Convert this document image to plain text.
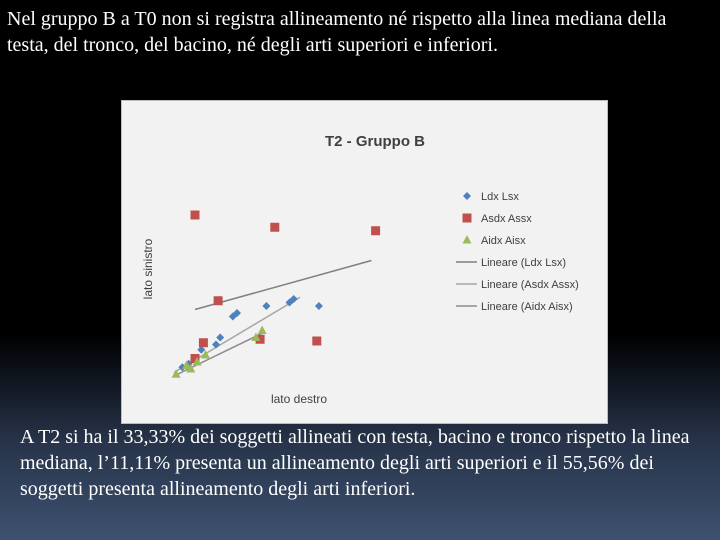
Nel gruppo B a T0 non si registra allineamento né rispetto alla linea mediana della testa, del tronco, del bacino, né degli arti superiori e inferiori.

T2 - Gruppo B
lato sinistro
lato destro
Ldx Lsx
Asdx Assx
Aidx Aisx
Lineare (Ldx Lsx)
Lineare (Asdx Assx)
Lineare (Aidx Aisx)

A T2 si ha il 33,33% dei soggetti allineati con testa, bacino e tronco rispetto la linea mediana, l’11,11% presenta un allineamento degli arti superiori e il 55,56% dei soggetti presenta allineamento degli arti inferiori.
